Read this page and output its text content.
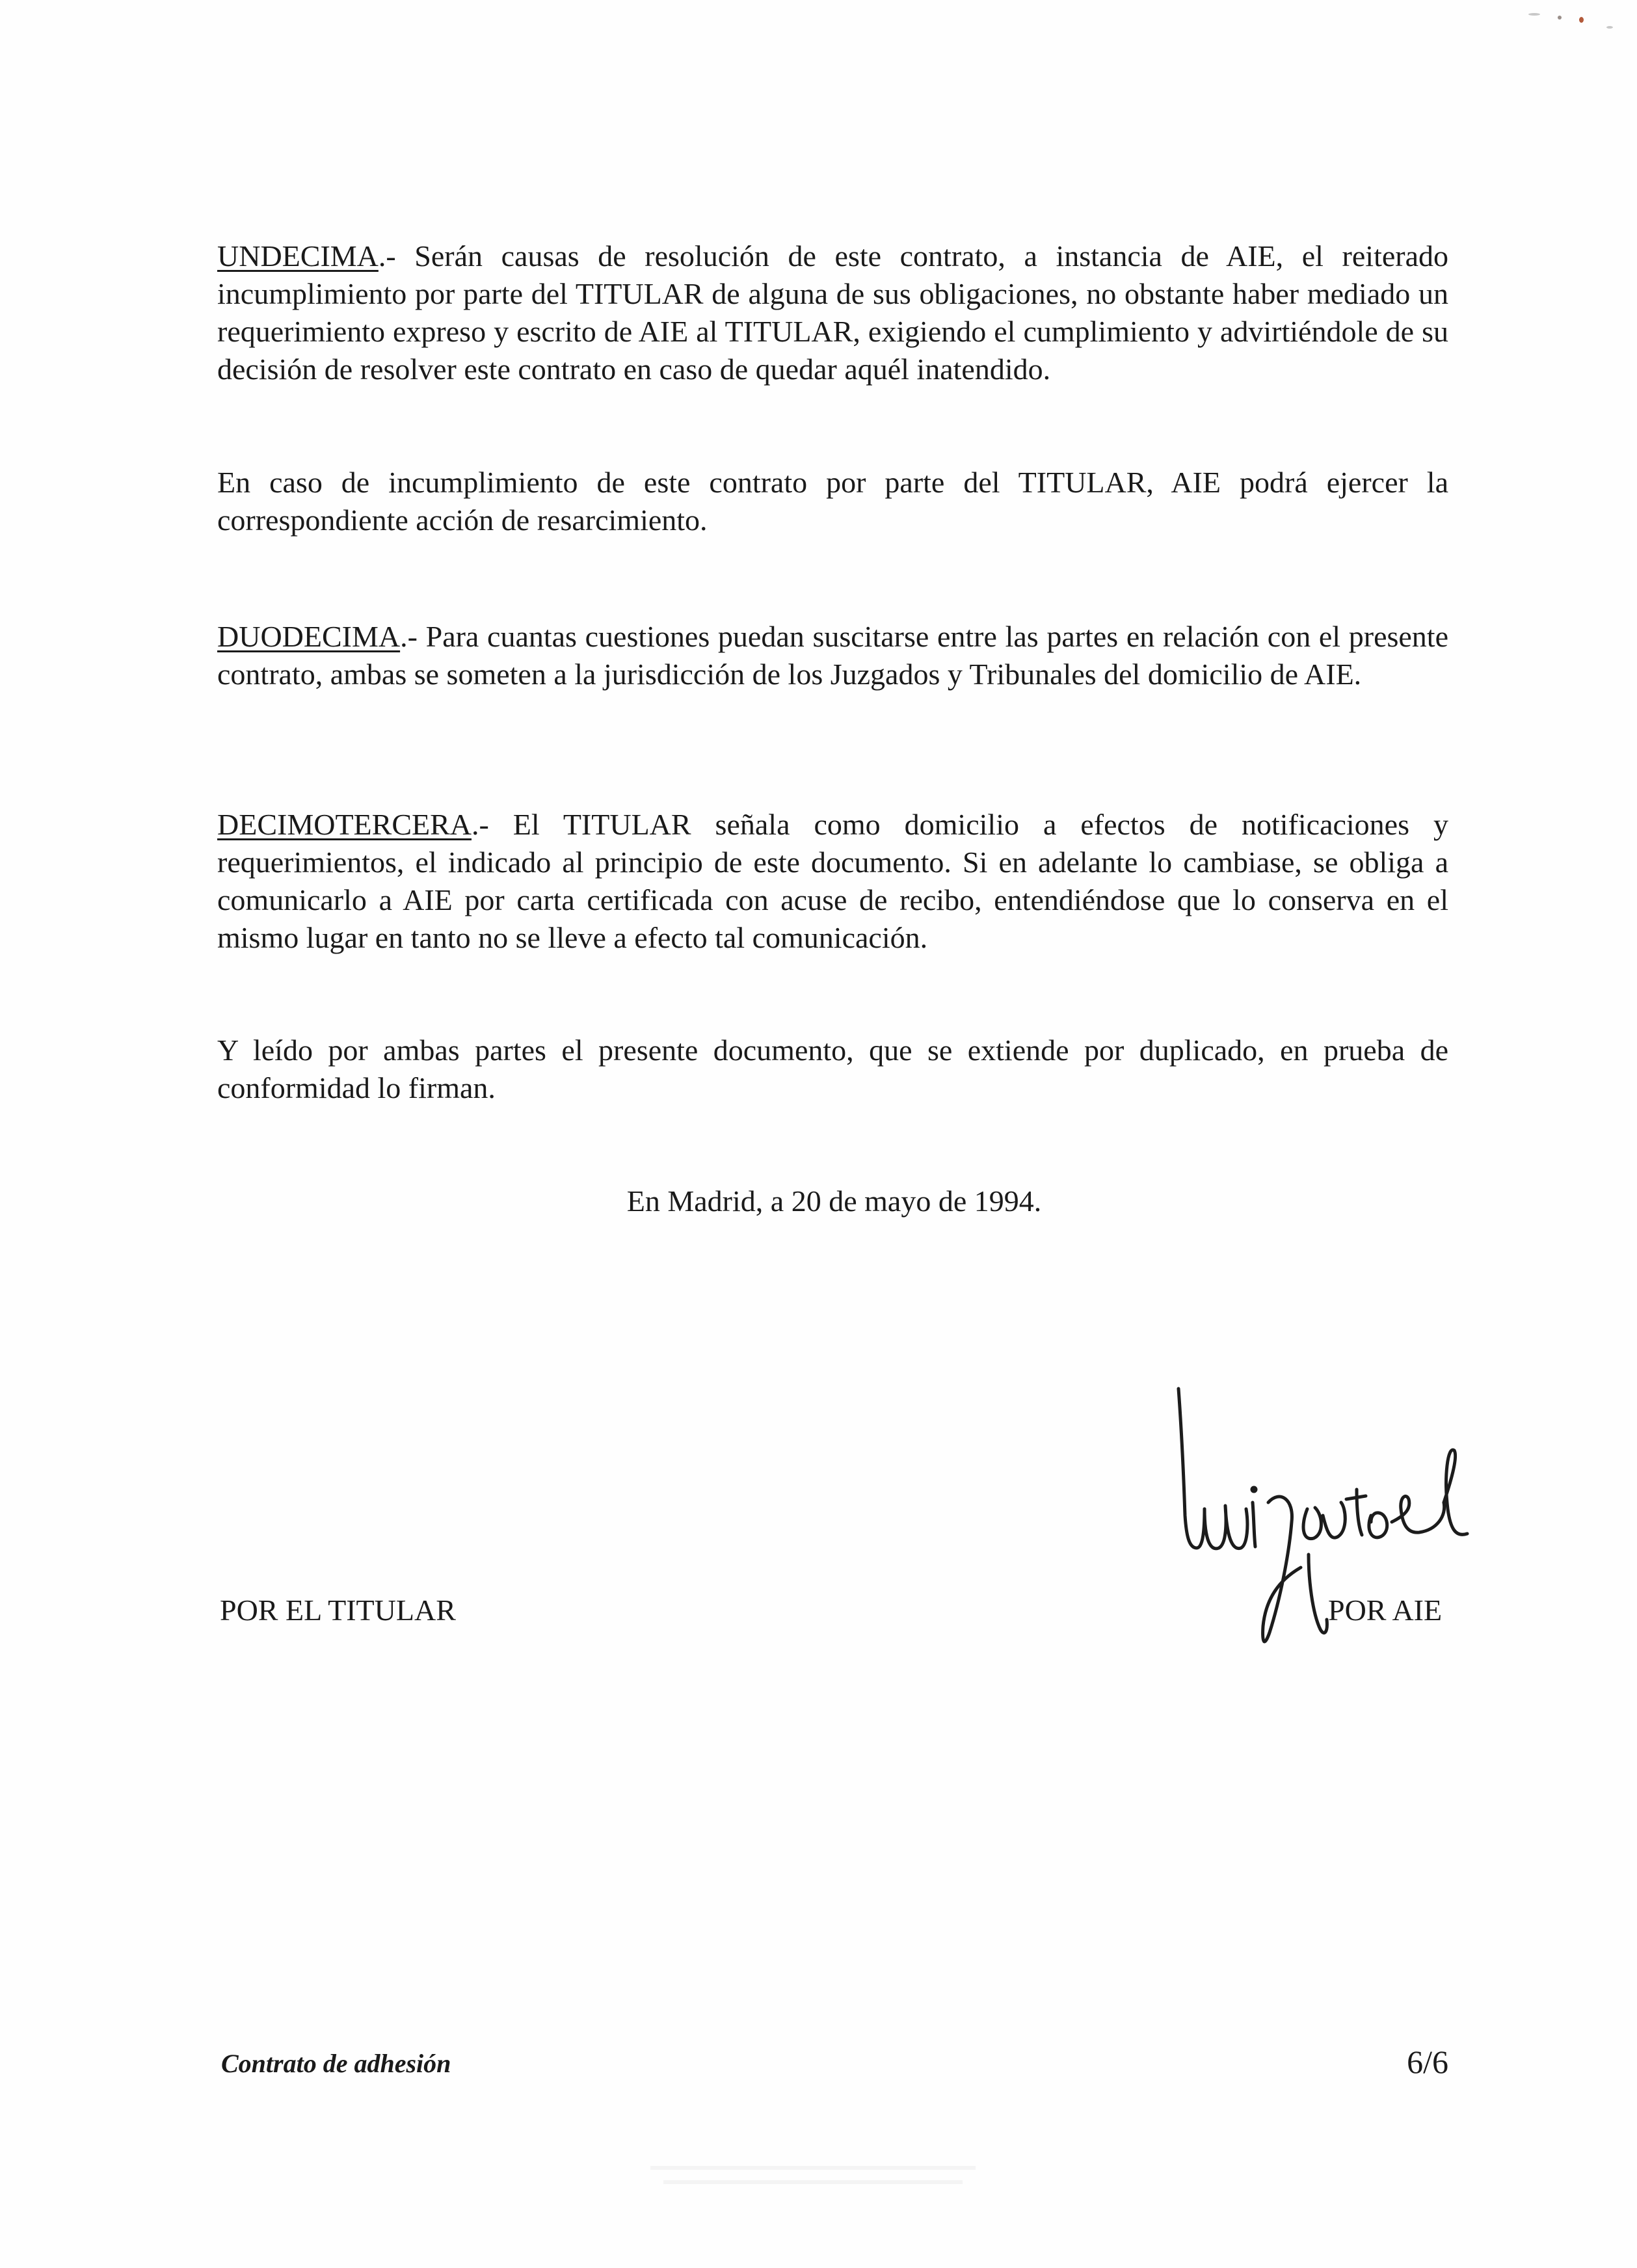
UNDECIMA.- Serán causas de resolución de este contrato, a instancia de AIE, el reiterado incumplimiento por parte del TITULAR de alguna de sus obligaciones, no obstante haber mediado un requerimiento expreso y escrito de AIE al TITULAR, exigiendo el cumplimiento y advirtiéndole de su decisión de resolver este contrato en caso de quedar aquél inatendido.

En caso de incumplimiento de este contrato por parte del TITULAR, AIE podrá ejercer la correspondiente acción de resarcimiento.

DUODECIMA.- Para cuantas cuestiones puedan suscitarse entre las partes en relación con el presente contrato, ambas se someten a la jurisdicción de los Juzgados y Tribunales del domicilio de AIE.

DECIMOTERCERA.- El TITULAR señala como domicilio a efectos de notificaciones y requerimientos, el indicado al principio de este documento. Si en adelante lo cambiase, se obliga a comunicarlo a AIE por carta certificada con acuse de recibo, entendiéndose que lo conserva en el mismo lugar en tanto no se lleve a efecto tal comunicación.

Y leído por ambas partes el presente documento, que se extiende por duplicado, en prueba de conformidad lo firman.

En Madrid, a 20 de mayo de 1994.
POR EL TITULAR	POR AIE
Contrato de adhesión	6/6
